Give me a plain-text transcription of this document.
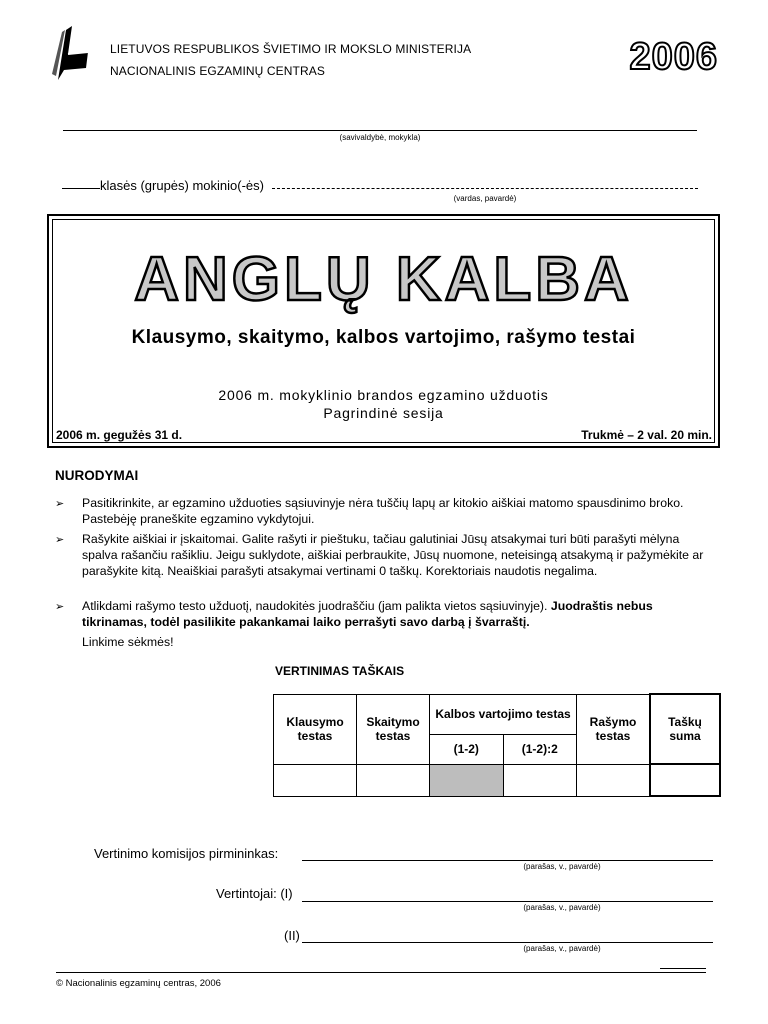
LIETUVOS RESPUBLIKOS ŠVIETIMO IR MOKSLO MINISTERIJA
NACIONALINIS EGZAMINŲ CENTRAS	2006
(savivaldybė, mokykla)
klasės (grupės) mokinio(-ės)
(vardas, pavardė)
ANGLŲ KALBA
Klausymo, skaitymo, kalbos vartojimo, rašymo testai
2006 m. mokyklinio brandos egzamino užduotis
Pagrindinė sesija
2006 m. gegužės 31 d.	Trukmė – 2 val. 20 min.
NURODYMAI
➢ Pasitikrinkite, ar egzamino užduoties sąsiuvinyje nėra tuščių lapų ar kitokio aiškiai matomo spausdinimo broko. Pastebėję praneškite egzamino vykdytojui.
➢ Rašykite aiškiai ir įskaitomai. Galite rašyti ir pieštuku, tačiau galutiniai Jūsų atsakymai turi būti parašyti mėlyna spalva rašančiu rašikliu. Jeigu suklydote, aiškiai perbraukite, Jūsų nuomone, neteisingą atsakymą ir pažymėkite ar parašykite kitą. Neaiškiai parašyti atsakymai vertinami 0 taškų. Korektoriais naudotis negalima.
➢ Atlikdami rašymo testo užduotį, naudokitės juodraščiu (jam palikta vietos sąsiuvinyje). Juodraštis nebus tikrinamas, todėl pasilikite pakankamai laiko perrašyti savo darbą į švarraštį.
Linkime sėkmės!
VERTINIMAS TAŠKAIS
Klausymo testas	Skaitymo testas	Kalbos vartojimo testas		Rašymo testas	Taškų suma
		(1-2)	(1-2):2		

Vertinimo komisijos pirmininkas:
(parašas, v., pavardė)
Vertintojai: (I)
(parašas, v., pavardė)
(II)
(parašas, v., pavardė)
© Nacionalinis egzaminų centras, 2006
